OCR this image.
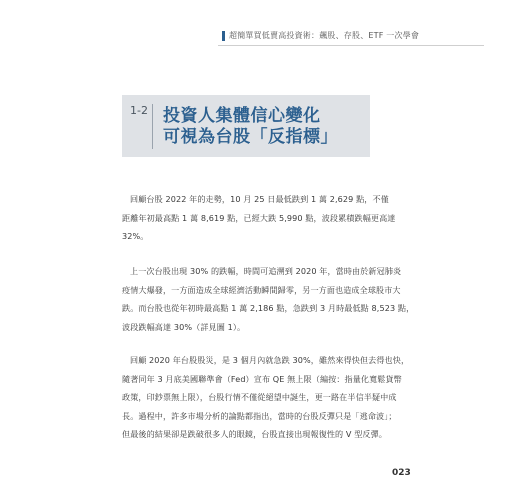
超簡單買低賣高投資術：飆股、存股、ETF 一次學會
1-2 投資人集體信心變化
可視為台股「反指標」
回顧台股 2022 年的走勢，10 月 25 日最低跌到 1 萬 2,629 點，不僅
距離年初最高點 1 萬 8,619 點，已經大跌 5,990 點，波段累積跌幅更高達
32%。
上一次台股出現 30% 的跌幅，時間可追溯到 2020 年，當時由於新冠肺炎
疫情大爆發，一方面造成全球經濟活動瞬間歸零，另一方面也造成全球股市大
跌。而台股也從年初時最高點 1 萬 2,186 點，急跌到 3 月時最低點 8,523 點，
波段跌幅高達 30%（詳見圖 1）。
回顧 2020 年台股股災，是 3 個月內就急跌 30%，雖然來得快但去得也快，
隨著同年 3 月底美國聯準會（Fed）宣布 QE 無上限（編按：指量化寬鬆貨幣
政策，印鈔票無上限），台股行情不僅從絕望中誕生，更一路在半信半疑中成
長。過程中，許多市場分析的論點都指出，當時的台股反彈只是「逃命波」；
但最後的結果卻是跌破很多人的眼鏡，台股直接出現報復性的 V 型反彈。
023
